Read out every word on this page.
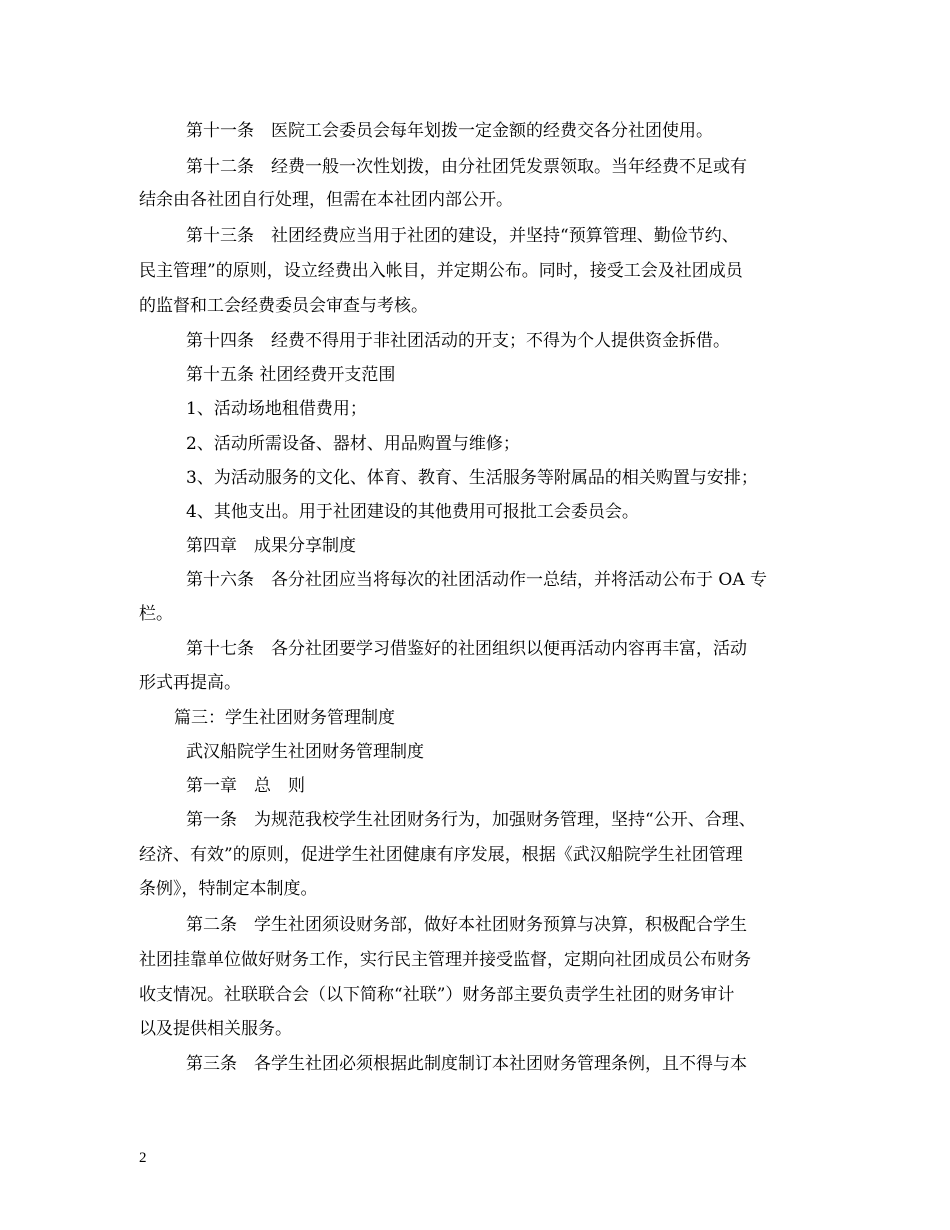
第十一条　医院工会委员会每年划拨一定金额的经费交各分社团使用。
第十二条　经费一般一次性划拨，由分社团凭发票领取。当年经费不足或有
结余由各社团自行处理，但需在本社团内部公开。
第十三条　社团经费应当用于社团的建设，并坚持“预算管理、勤俭节约、
民主管理”的原则，设立经费出入帐目，并定期公布。同时，接受工会及社团成员
的监督和工会经费委员会审查与考核。
第十四条　经费不得用于非社团活动的开支；不得为个人提供资金拆借。
第十五条 社团经费开支范围
1、活动场地租借费用；
2、活动所需设备、器材、用品购置与维修；
3、为活动服务的文化、体育、教育、生活服务等附属品的相关购置与安排；
4、其他支出。用于社团建设的其他费用可报批工会委员会。
第四章　成果分享制度
第十六条　各分社团应当将每次的社团活动作一总结，并将活动公布于 OA 专
栏。
第十七条　各分社团要学习借鉴好的社团组织以便再活动内容再丰富，活动
形式再提高。
篇三：学生社团财务管理制度
武汉船院学生社团财务管理制度
第一章　总　则
第一条　为规范我校学生社团财务行为，加强财务管理，坚持“公开、合理、
经济、有效”的原则，促进学生社团健康有序发展，根据《武汉船院学生社团管理
条例》，特制定本制度。
第二条　学生社团须设财务部，做好本社团财务预算与决算，积极配合学生
社团挂靠单位做好财务工作，实行民主管理并接受监督，定期向社团成员公布财务
收支情况。社联联合会（以下简称“社联”）财务部主要负责学生社团的财务审计
以及提供相关服务。
第三条　各学生社团必须根据此制度制订本社团财务管理条例，且不得与本
2
